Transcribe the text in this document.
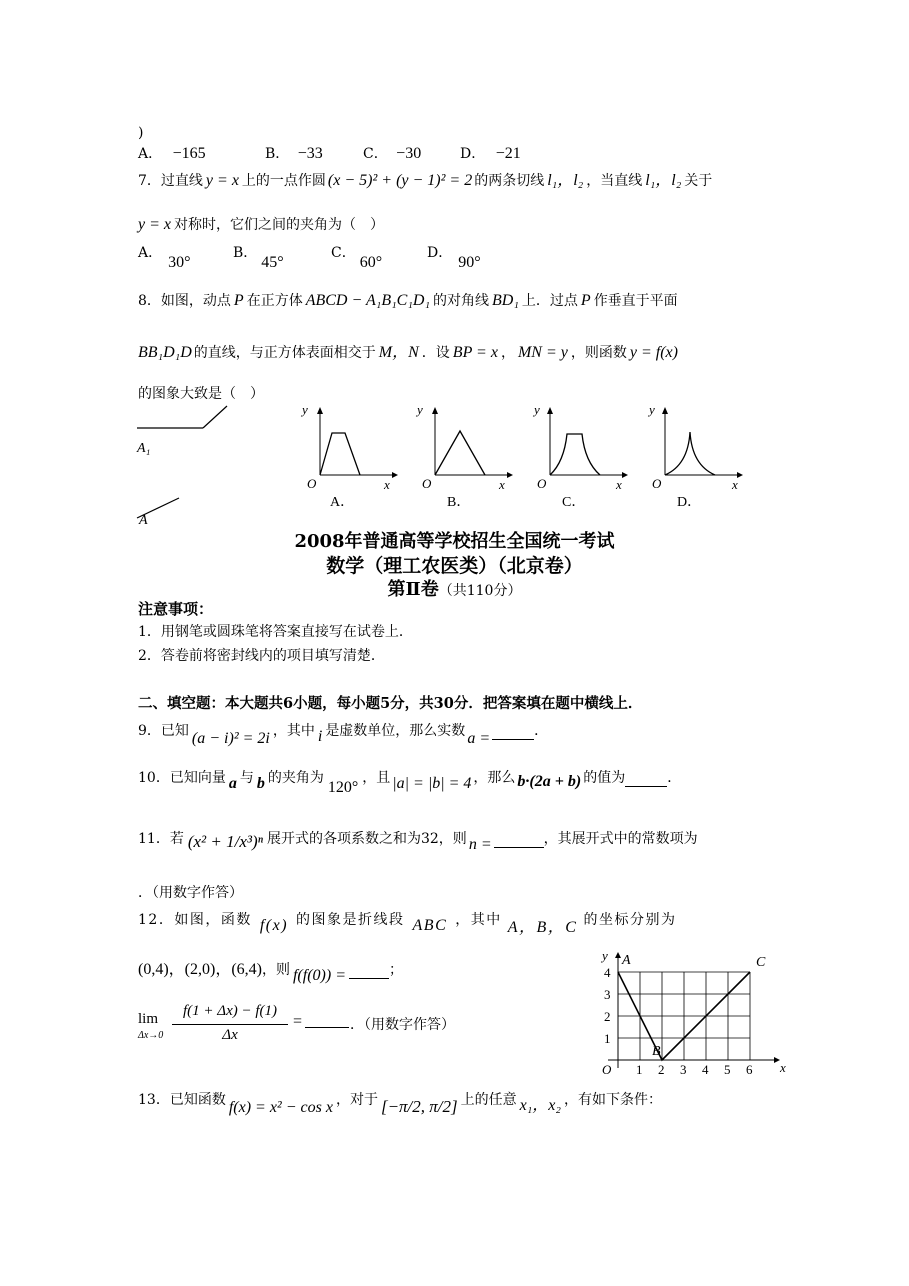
)
A． −165	B． −33	C． −30	D． −21
7．过直线 y = x 上的一点作圆 (x − 5)² + (y − 1)² = 2 的两条切线 l₁，l₂ ，当直线 l₁，l₂ 关于
y = x 对称时，它们之间的夹角为（　）
A．30°
B．45°
C．60°
D．90°
8．如图，动点 P 在正方体 ABCD − A₁B₁C₁D₁ 的对角线 BD₁ 上．过点 P 作垂直于平面
BB₁D₁D 的直线，与正方体表面相交于 M，N ．设 BP = x ， MN = y ，则函数 y = f(x)
的图象大致是（　）
A₁
A
y
x
O
A．
y
x
O
B．
y
x
O
C．
y
x
O
D．
2008年普通高等学校招生全国统一考试
数学（理工农医类）（北京卷）
第Ⅱ卷（共110分）
注意事项：
1．用钢笔或圆珠笔将答案直接写在试卷上．
2．答卷前将密封线内的项目填写清楚．
二、填空题：本大题共6小题，每小题5分，共30分．把答案填在题中横线上．
9．已知 (a − i)² = 2i ，其中 i 是虚数单位，那么实数 a =	．
10．已知向量 a 与 b 的夹角为120°，且 |a| = |b| = 4 ，那么 b·(2a + b) 的值为	．
11．若 (x² + 1/x³)ⁿ 展开式的各项系数之和为32，则 n =	，其展开式中的常数项为
．（用数字作答）
12．如图，函数 f(x) 的图象是折线段 ABC ，其中 A，B，C 的坐标分别为
(0,4)，(2,0)，(6,4)，则 f(f(0)) =	；
lim
Δx→0
f(1 + Δx) − f(1)
Δx
=	．（用数字作答）
1 2 3 4 5 6
1
2
3
4
O	x
y A
B
C
13．已知函数 f(x) = x² − cos x ，对于 [−π/2, π/2] 上的任意 x₁，x₂ ，有如下条件：
